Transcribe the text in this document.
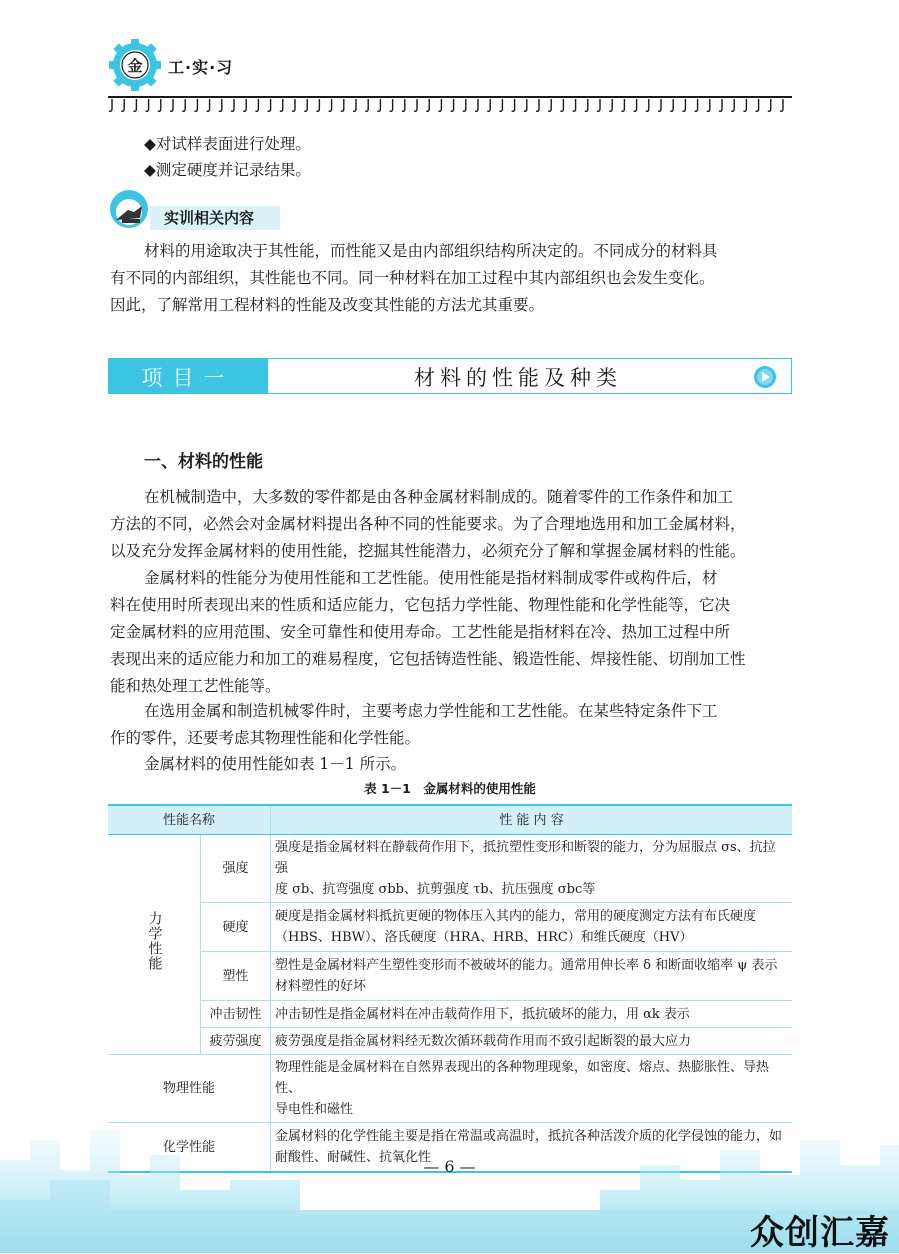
金 工·实·习
◆对试样表面进行处理。
◆测定硬度并记录结果。
实训相关内容
材料的用途取决于其性能，而性能又是由内部组织结构所决定的。不同成分的材料具
有不同的内部组织，其性能也不同。同一种材料在加工过程中其内部组织也会发生变化。
因此，了解常用工程材料的性能及改变其性能的方法尤其重要。
项目一	材料的性能及种类
一、材料的性能
在机械制造中，大多数的零件都是由各种金属材料制成的。随着零件的工作条件和加工
方法的不同，必然会对金属材料提出各种不同的性能要求。为了合理地选用和加工金属材料，
以及充分发挥金属材料的使用性能，挖掘其性能潜力，必须充分了解和掌握金属材料的性能。
金属材料的性能分为使用性能和工艺性能。使用性能是指材料制成零件或构件后，材
料在使用时所表现出来的性质和适应能力，它包括力学性能、物理性能和化学性能等，它决
定金属材料的应用范围、安全可靠性和使用寿命。工艺性能是指材料在冷、热加工过程中所
表现出来的适应能力和加工的难易程度，它包括铸造性能、锻造性能、焊接性能、切削加工性
能和热处理工艺性能等。
在选用金属和制造机械零件时，主要考虑力学性能和工艺性能。在某些特定条件下工
作的零件，还要考虑其物理性能和化学性能。
金属材料的使用性能如表 1－1 所示。
表 1－1　金属材料的使用性能
性能名称		性 能 内 容
力学性能	强度	强度是指金属材料在静载荷作用下，抵抗塑性变形和断裂的能力，分为屈服点 σs、抗拉强
度 σb、抗弯强度 σbb、抗剪强度 τb、抗压强度 σbc等

	硬度	硬度是指金属材料抵抗更硬的物体压入其内的能力，常用的硬度测定方法有布氏硬度
（HBS、HBW）、洛氏硬度（HRA、HRB、HRC）和维氏硬度（HV）

	塑性	塑性是金属材料产生塑性变形而不被破坏的能力。通常用伸长率 δ 和断面收缩率 ψ 表示
材料塑性的好坏

	冲击韧性	冲击韧性是指金属材料在冲击载荷作用下，抵抗破坏的能力，用 αk 表示
	疲劳强度	疲劳强度是指金属材料经无数次循环载荷作用而不致引起断裂的最大应力
物理性能		物理性能是金属材料在自然界表现出的各种物理现象，如密度、熔点、热膨胀性、导热性、
导电性和磁性

化学性能		金属材料的化学性能主要是指在常温或高温时，抵抗各种活泼介质的化学侵蚀的能力，如
耐酸性、耐碱性、抗氧化性
— 6 —
众创汇嘉
